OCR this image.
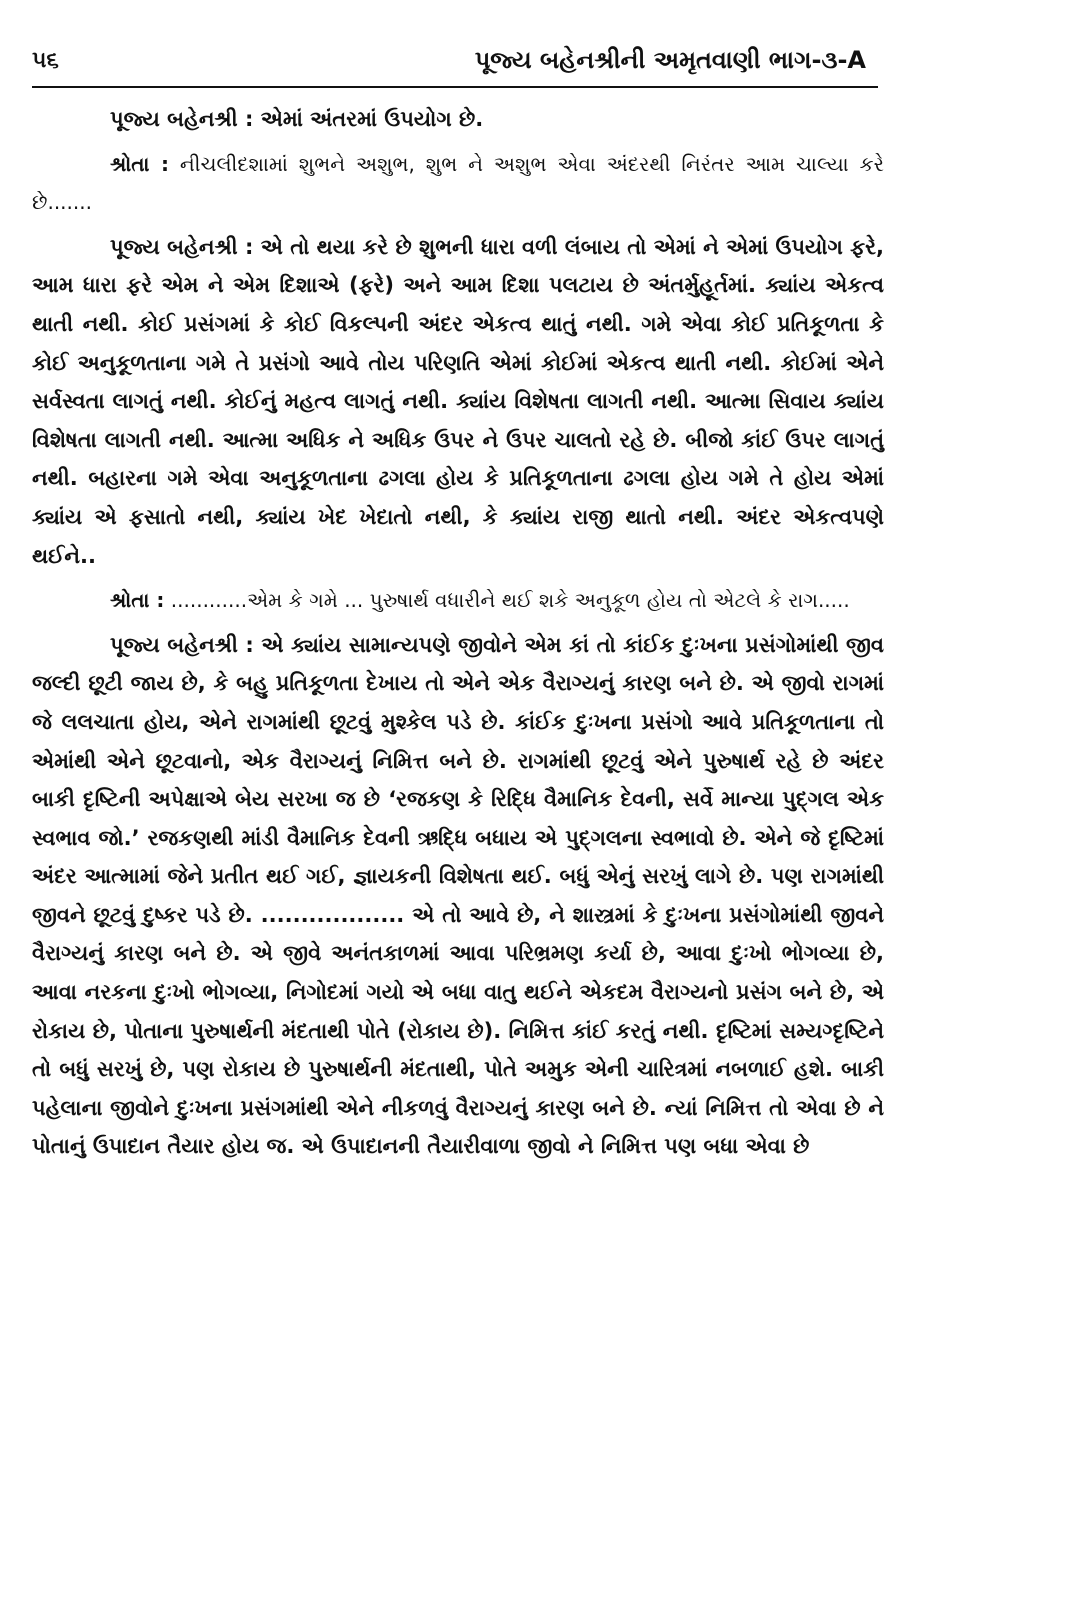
૫૬	પૂજ્ય બહેનશ્રીની અમૃતવાણી ભાગ-૩-A

પૂજ્ય બહેનશ્રી : એમાં અંતરમાં ઉપયોગ છે.

શ્રોતા : નીચલીદશામાં શુભને અશુભ, શુભ ને અશુભ એવા અંદરથી નિરંતર આમ ચાલ્યા કરે છે.......

પૂજ્ય બહેનશ્રી : એ તો થયા કરે છે શુભની ધારા વળી લંબાય તો એમાં ને એમાં ઉપયોગ ફરે, આમ ધારા ફરે એમ ને એમ દિશાએ (ફરે) અને આમ દિશા પલટાય છે અંતર્મુહૂર્તમાં. ક્યાંય એકત્વ થાતી નથી. કોઈ પ્રસંગમાં કે કોઈ વિકલ્પની અંદર એકત્વ થાતું નથી. ગમે એવા કોઈ પ્રતિકૂળતા કે કોઈ અનુકૂળતાના ગમે તે પ્રસંગો આવે તોય પરિણતિ એમાં કોઈમાં એકત્વ થાતી નથી. કોઈમાં એને સર્વસ્વતા લાગતું નથી. કોઈનું મહત્વ લાગતું નથી. ક્યાંય વિશેષતા લાગતી નથી. આત્મા સિવાય ક્યાંય વિશેષતા લાગતી નથી. આત્મા અધિક ને અધિક ઉપર ને ઉપર ચાલતો રહે છે. બીજો કાંઈ ઉપર લાગતું નથી. બહારના ગમે એવા અનુકૂળતાના ઢગલા હોય કે પ્રતિકૂળતાના ઢગલા હોય ગમે તે હોય એમાં ક્યાંય એ ફસાતો નથી, ક્યાંય ખેદ ખેદાતો નથી, કે ક્યાંય રાજી થાતો નથી. અંદર એકત્વપણે થઈને..

શ્રોતા : ............એમ કે ગમે ... પુરુષાર્થ વધારીને થઈ શકે અનુકૂળ હોય તો એટલે કે રાગ.....

પૂજ્ય બહેનશ્રી : એ ક્યાંય સામાન્યપણે જીવોને એમ કાં તો કાંઈક દુઃખના પ્રસંગોમાંથી જીવ જલ્દી છૂટી જાય છે, કે બહુ પ્રતિકૂળતા દેખાય તો એને એક વૈરાગ્યનું કારણ બને છે. એ જીવો રાગમાં જે લલચાતા હોય, એને રાગમાંથી છૂટવું મુશ્કેલ પડે છે. કાંઈક દુઃખના પ્રસંગો આવે પ્રતિકૂળતાના તો એમાંથી એને છૂટવાનો, એક વૈરાગ્યનું નિમિત્ત બને છે. રાગમાંથી છૂટવું એને પુરુષાર્થ રહે છે અંદર બાકી દૃષ્ટિની અપેક્ષાએ બેય સરખા જ છે ‘રજકણ કે રિદ્ધિ વૈમાનિક દેવની, સર્વે માન્યા પુદ્ગલ એક સ્વભાવ જો.’ રજકણથી માંડી વૈમાનિક દેવની ઋદ્ધિ બધાય એ પુદ્ગલના સ્વભાવો છે. એને જે દૃષ્ટિમાં અંદર આત્મામાં જેને પ્રતીત થઈ ગઈ, જ્ઞાયકની વિશેષતા થઈ. બધું એનું સરખું લાગે છે. પણ રાગમાંથી જીવને છૂટવું દુષ્કર પડે છે. .................. એ તો આવે છે, ને શાસ્ત્રમાં કે દુઃખના પ્રસંગોમાંથી જીવને વૈરાગ્યનું કારણ બને છે. એ જીવે અનંતકાળમાં આવા પરિભ્રમણ કર્યા છે, આવા દુઃખો ભોગવ્યા છે, આવા નરકના દુઃખો ભોગવ્યા, નિગોદમાં ગયો એ બધા વાતુ થઈને એકદમ વૈરાગ્યનો પ્રસંગ બને છે, એ રોકાય છે, પોતાના પુરુષાર્થની મંદતાથી પોતે (રોકાય છે). નિમિત્ત કાંઈ કરતું નથી. દૃષ્ટિમાં સમ્યગ્દૃષ્ટિને તો બધું સરખું છે, પણ રોકાય છે પુરુષાર્થની મંદતાથી, પોતે અમુક એની ચારિત્રમાં નબળાઈ હશે. બાકી પહેલાના જીવોને દુઃખના પ્રસંગમાંથી એને નીકળવું વૈરાગ્યનું કારણ બને છે. ન્યાં નિમિત્ત તો એવા છે ને પોતાનું ઉપાદાન તૈયાર હોય જ. એ ઉપાદાનની તૈયારીવાળા જીવો ને નિમિત્ત પણ બધા એવા છે
